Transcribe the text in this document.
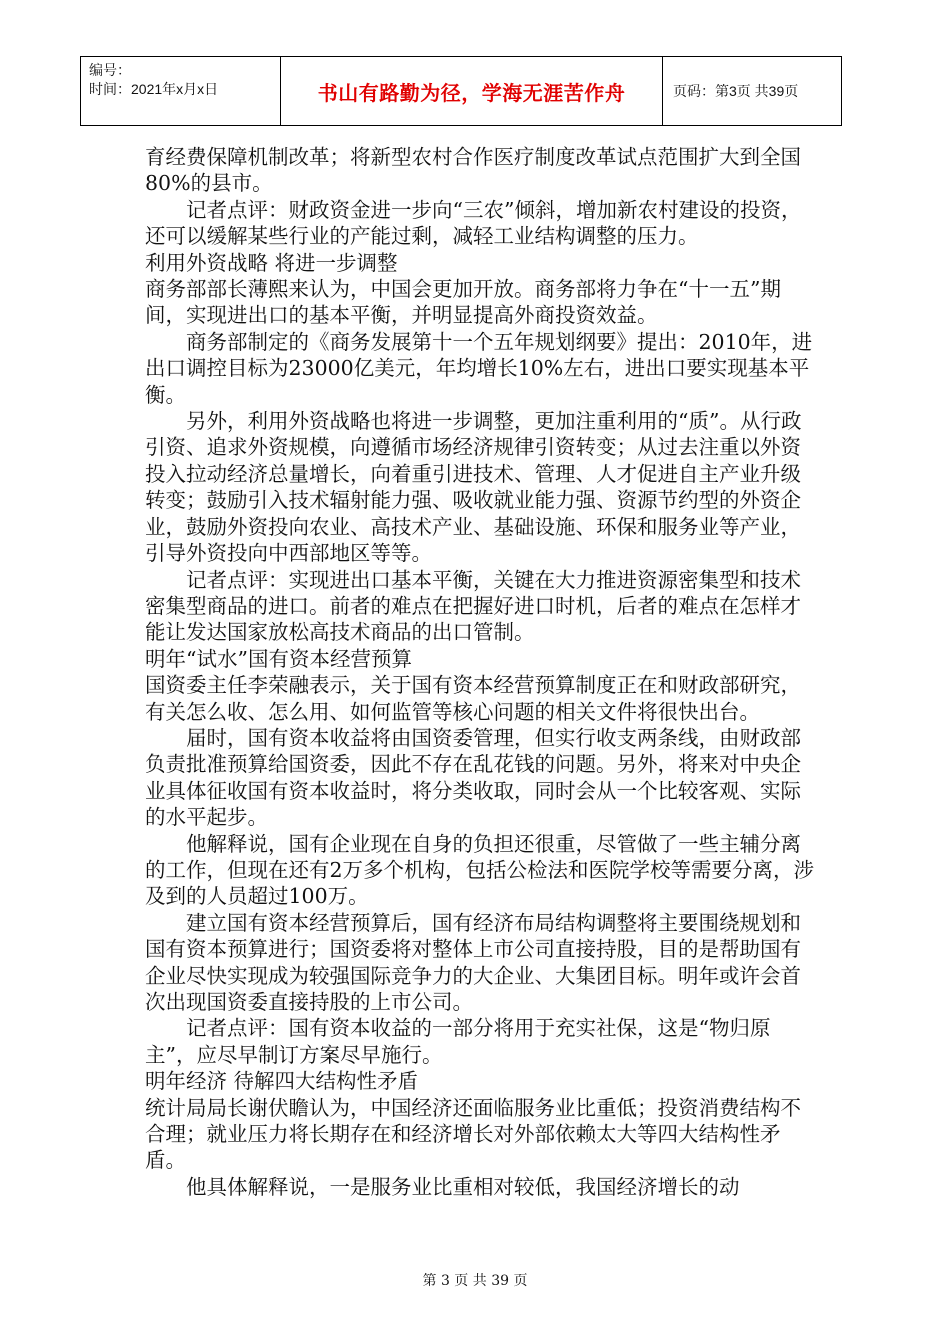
编号：
时间：2021年x月x日	书山有路勤为径，学海无涯苦作舟	页码：第3页 共39页

育经费保障机制改革；将新型农村合作医疗制度改革试点范围扩大到全国80%的县市。

记者点评：财政资金进一步向“三农”倾斜，增加新农村建设的投资，还可以缓解某些行业的产能过剩，减轻工业结构调整的压力。

利用外资战略 将进一步调整

商务部部长薄熙来认为，中国会更加开放。商务部将力争在“十一五”期间，实现进出口的基本平衡，并明显提高外商投资效益。

商务部制定的《商务发展第十一个五年规划纲要》提出：2010年，进出口调控目标为23000亿美元，年均增长10%左右，进出口要实现基本平衡。

另外，利用外资战略也将进一步调整，更加注重利用的“质”。从行政引资、追求外资规模，向遵循市场经济规律引资转变；从过去注重以外资投入拉动经济总量增长，向着重引进技术、管理、人才促进自主产业升级转变；鼓励引入技术辐射能力强、吸收就业能力强、资源节约型的外资企业，鼓励外资投向农业、高技术产业、基础设施、环保和服务业等产业，引导外资投向中西部地区等等。

记者点评：实现进出口基本平衡，关键在大力推进资源密集型和技术密集型商品的进口。前者的难点在把握好进口时机，后者的难点在怎样才能让发达国家放松高技术商品的出口管制。

明年“试水”国有资本经营预算

国资委主任李荣融表示，关于国有资本经营预算制度正在和财政部研究，有关怎么收、怎么用、如何监管等核心问题的相关文件将很快出台。

届时，国有资本收益将由国资委管理，但实行收支两条线，由财政部负责批准预算给国资委，因此不存在乱花钱的问题。另外，将来对中央企业具体征收国有资本收益时，将分类收取，同时会从一个比较客观、实际的水平起步。

他解释说，国有企业现在自身的负担还很重，尽管做了一些主辅分离的工作，但现在还有2万多个机构，包括公检法和医院学校等需要分离，涉及到的人员超过100万。

建立国有资本经营预算后，国有经济布局结构调整将主要围绕规划和国有资本预算进行；国资委将对整体上市公司直接持股，目的是帮助国有企业尽快实现成为较强国际竞争力的大企业、大集团目标。明年或许会首次出现国资委直接持股的上市公司。

记者点评：国有资本收益的一部分将用于充实社保，这是“物归原主”，应尽早制订方案尽早施行。

明年经济 待解四大结构性矛盾

统计局局长谢伏瞻认为，中国经济还面临服务业比重低；投资消费结构不合理；就业压力将长期存在和经济增长对外部依赖太大等四大结构性矛盾。

他具体解释说，一是服务业比重相对较低，我国经济增长的动

第 3 页 共 39 页
